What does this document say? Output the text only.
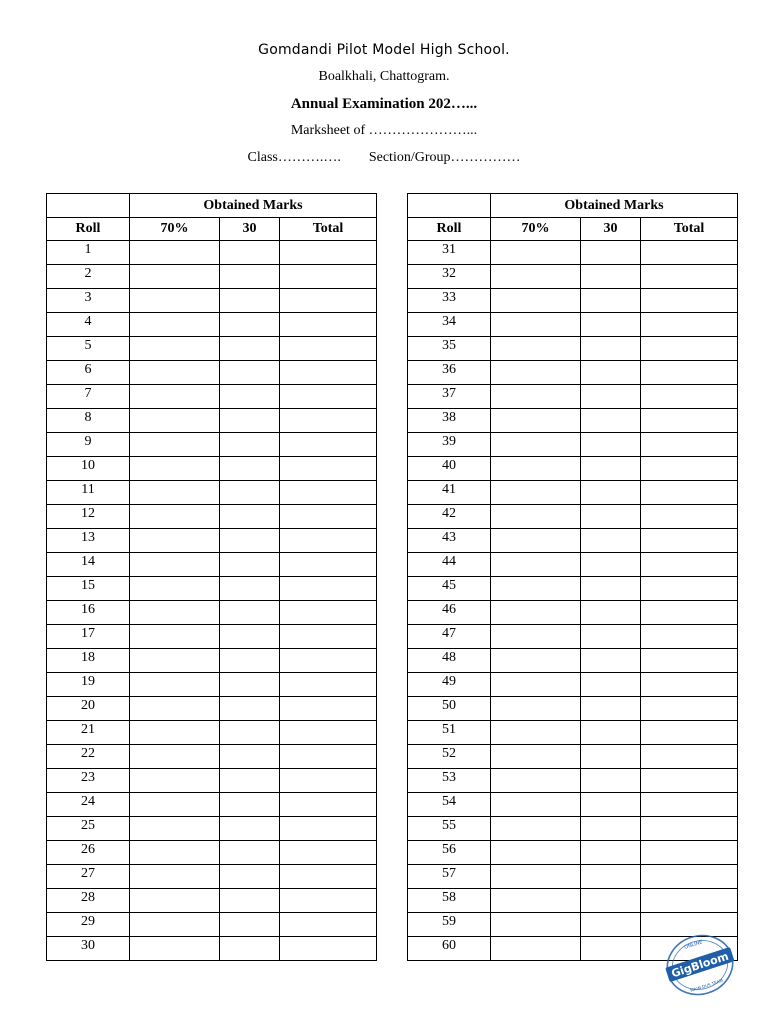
Gomdandi Pilot Model High School.
Boalkhali, Chattogram.
Annual Examination 202…...
Marksheet of …………………...
Class……….…. Section/Group……………
	Obtained Marks		
Roll	70%	30	Total
1			
2			
3			
4			
5			
6			
7			
8			
9			
10			
11			
12			
13			
14			
15			
16			
17			
18			
19			
20			
21			
22			
23			
24			
25			
26			
27			
28			
29			
30			
	Obtained Marks		
Roll	70%	30	Total
31			
32			
33			
34			
35			
36			
37			
38			
39			
40			
41			
42			
43			
44			
45			
46			
47			
48			
49			
50			
51			
52			
53			
54			
55			
56			
57			
58			
59			
60				ONLINE
GigBloom
MAIN DUS TEAM
